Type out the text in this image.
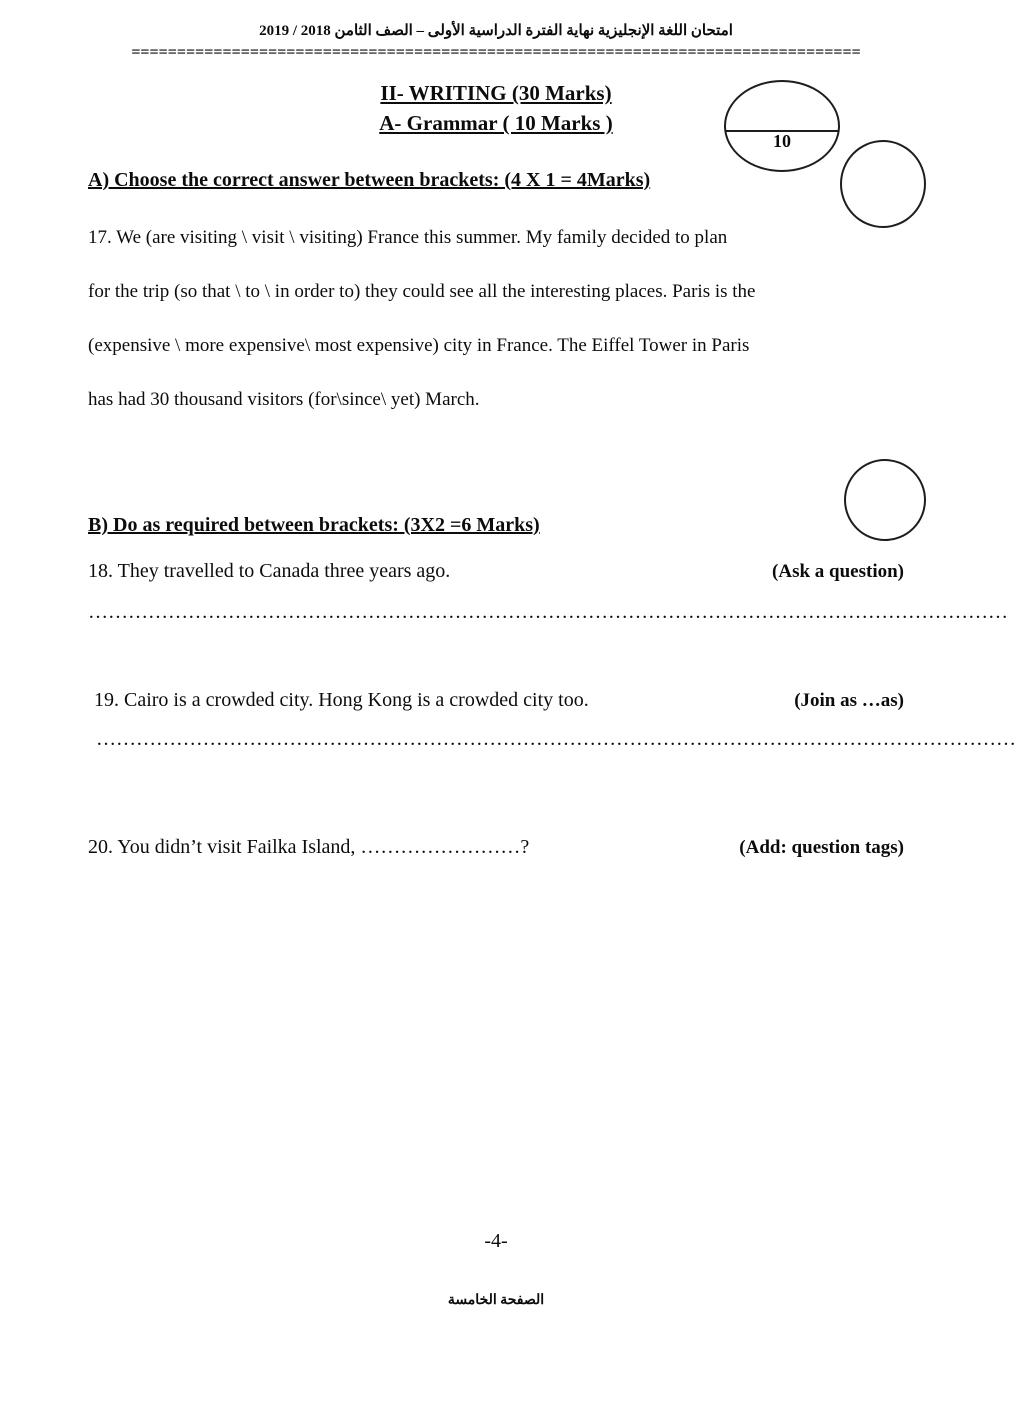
امتحان اللغة الإنجليزية نهاية الفترة الدراسية الأولى – الصف الثامن 2018 / 2019
================================================================================
II- WRITING (30 Marks)
A- Grammar ( 10 Marks )
A) Choose the correct answer between brackets: (4 X 1 = 4Marks)
17. We (are visiting \ visit \ visiting) France this summer. My family decided to plan
for the trip (so that \ to \ in order to) they could see all the interesting places. Paris is the
(expensive \ more expensive\ most expensive) city in France. The Eiffel Tower in Paris
has had 30 thousand visitors (for\since\ yet) March.
B) Do as required between brackets: (3X2 =6 Marks)
18. They travelled to Canada three years ago.	(Ask a question)
…………………………………………………………………………………………………………………………
19. Cairo is a crowded city. Hong Kong is a crowded city too.	(Join as …as)
…………………………………………………………………………………………………………………………
20. You didn’t visit Failka Island, ……………………?	(Add: question tags)
10
-4-
الصفحة الخامسة
